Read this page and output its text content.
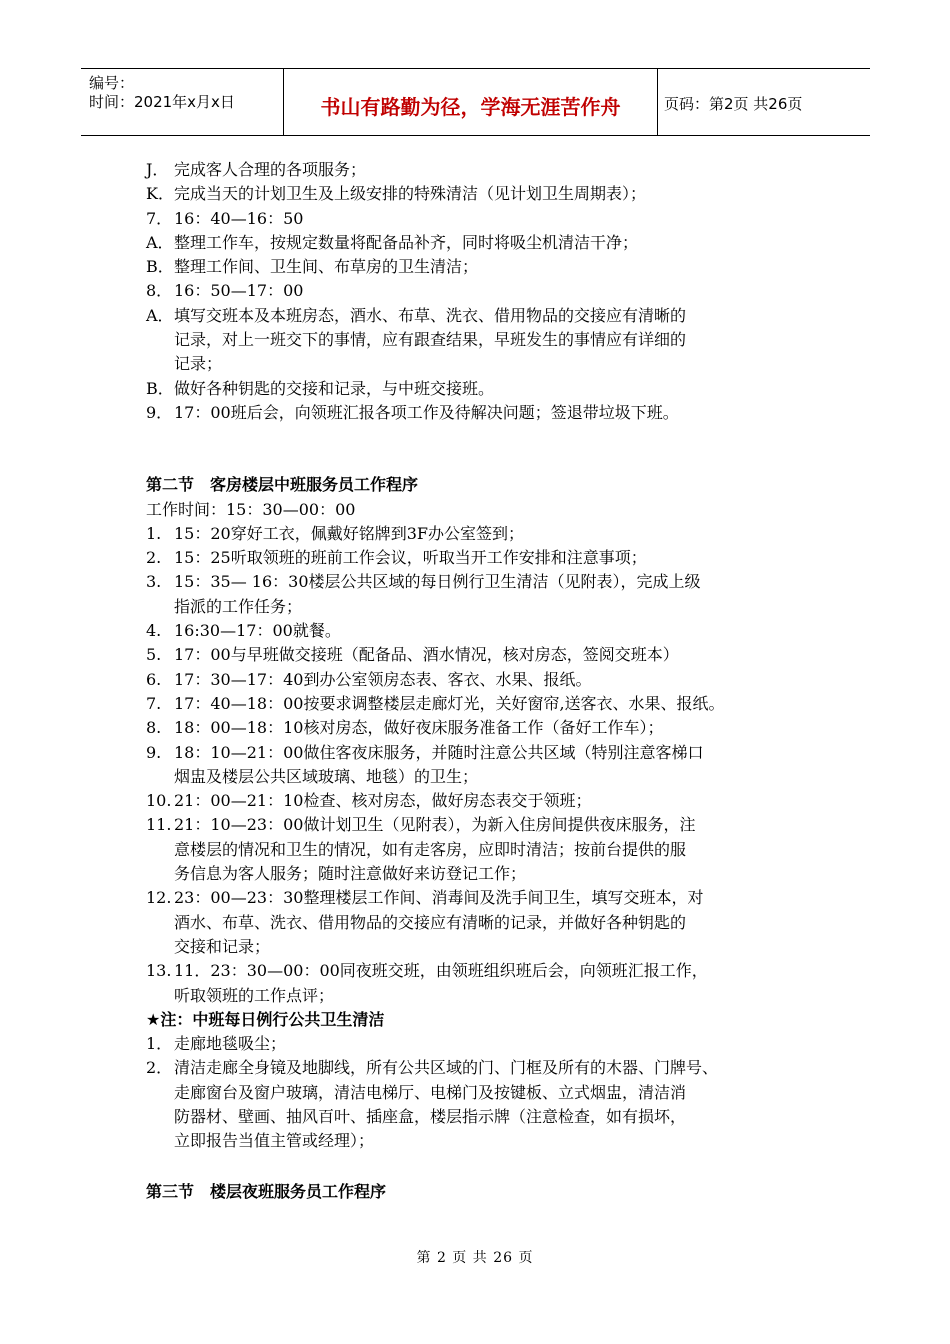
编号：
时间：2021年x月x日	书山有路勤为径，学海无涯苦作舟	页码：第2页 共26页
J． 完成客人合理的各项服务；
K． 完成当天的计划卫生及上级安排的特殊清洁（见计划卫生周期表）；
7． 16：40—16：50
A． 整理工作车，按规定数量将配备品补齐，同时将吸尘机清洁干净；
B． 整理工作间、卫生间、布草房的卫生清洁；
8． 16：50—17：00
A． 填写交班本及本班房态，酒水、布草、洗衣、借用物品的交接应有清晰的
记录，对上一班交下的事情，应有跟查结果，早班发生的事情应有详细的
记录；
B． 做好各种钥匙的交接和记录，与中班交接班。
9． 17：00班后会，向领班汇报各项工作及待解决问题；签退带垃圾下班。
第二节　客房楼层中班服务员工作程序
工作时间：15：30—00：00
1. 15：20穿好工衣，佩戴好铭牌到3F办公室签到；
2. 15：25听取领班的班前工作会议，听取当开工作安排和注意事项；
3. 15：35— 16：30楼层公共区域的每日例行卫生清洁（见附表），完成上级
指派的工作任务；
4. 16:30—17：00就餐。
5. 17：00与早班做交接班（配备品、酒水情况，核对房态，签阅交班本）
6. 17：30—17：40到办公室领房态表、客衣、水果、报纸。
7. 17：40—18：00按要求调整楼层走廊灯光，关好窗帘,送客衣、水果、报纸。
8. 18：00—18：10核对房态，做好夜床服务准备工作（备好工作车）；
9. 18：10—21：00做住客夜床服务，并随时注意公共区域（特别注意客梯口
烟盅及楼层公共区域玻璃、地毯）的卫生；
10. 21：00—21：10检查、核对房态，做好房态表交于领班；
11. 21：10—23：00做计划卫生（见附表），为新入住房间提供夜床服务，注
意楼层的情况和卫生的情况，如有走客房，应即时清洁；按前台提供的服
务信息为客人服务；随时注意做好来访登记工作；
12. 23：00—23：30整理楼层工作间、消毒间及洗手间卫生，填写交班本，对
酒水、布草、洗衣、借用物品的交接应有清晰的记录，并做好各种钥匙的
交接和记录；
13. 11．23：30—00：00同夜班交班，由领班组织班后会，向领班汇报工作，
听取领班的工作点评；
★注：中班每日例行公共卫生清洁
1． 走廊地毯吸尘；
2． 清洁走廊全身镜及地脚线，所有公共区域的门、门框及所有的木器、门牌号、
走廊窗台及窗户玻璃，清洁电梯厅、电梯门及按键板、立式烟盅，清洁消
防器材、壁画、抽风百叶、插座盒，楼层指示牌（注意检查，如有损坏，
立即报告当值主管或经理）；
第三节　楼层夜班服务员工作程序
第 2 页 共 26 页
